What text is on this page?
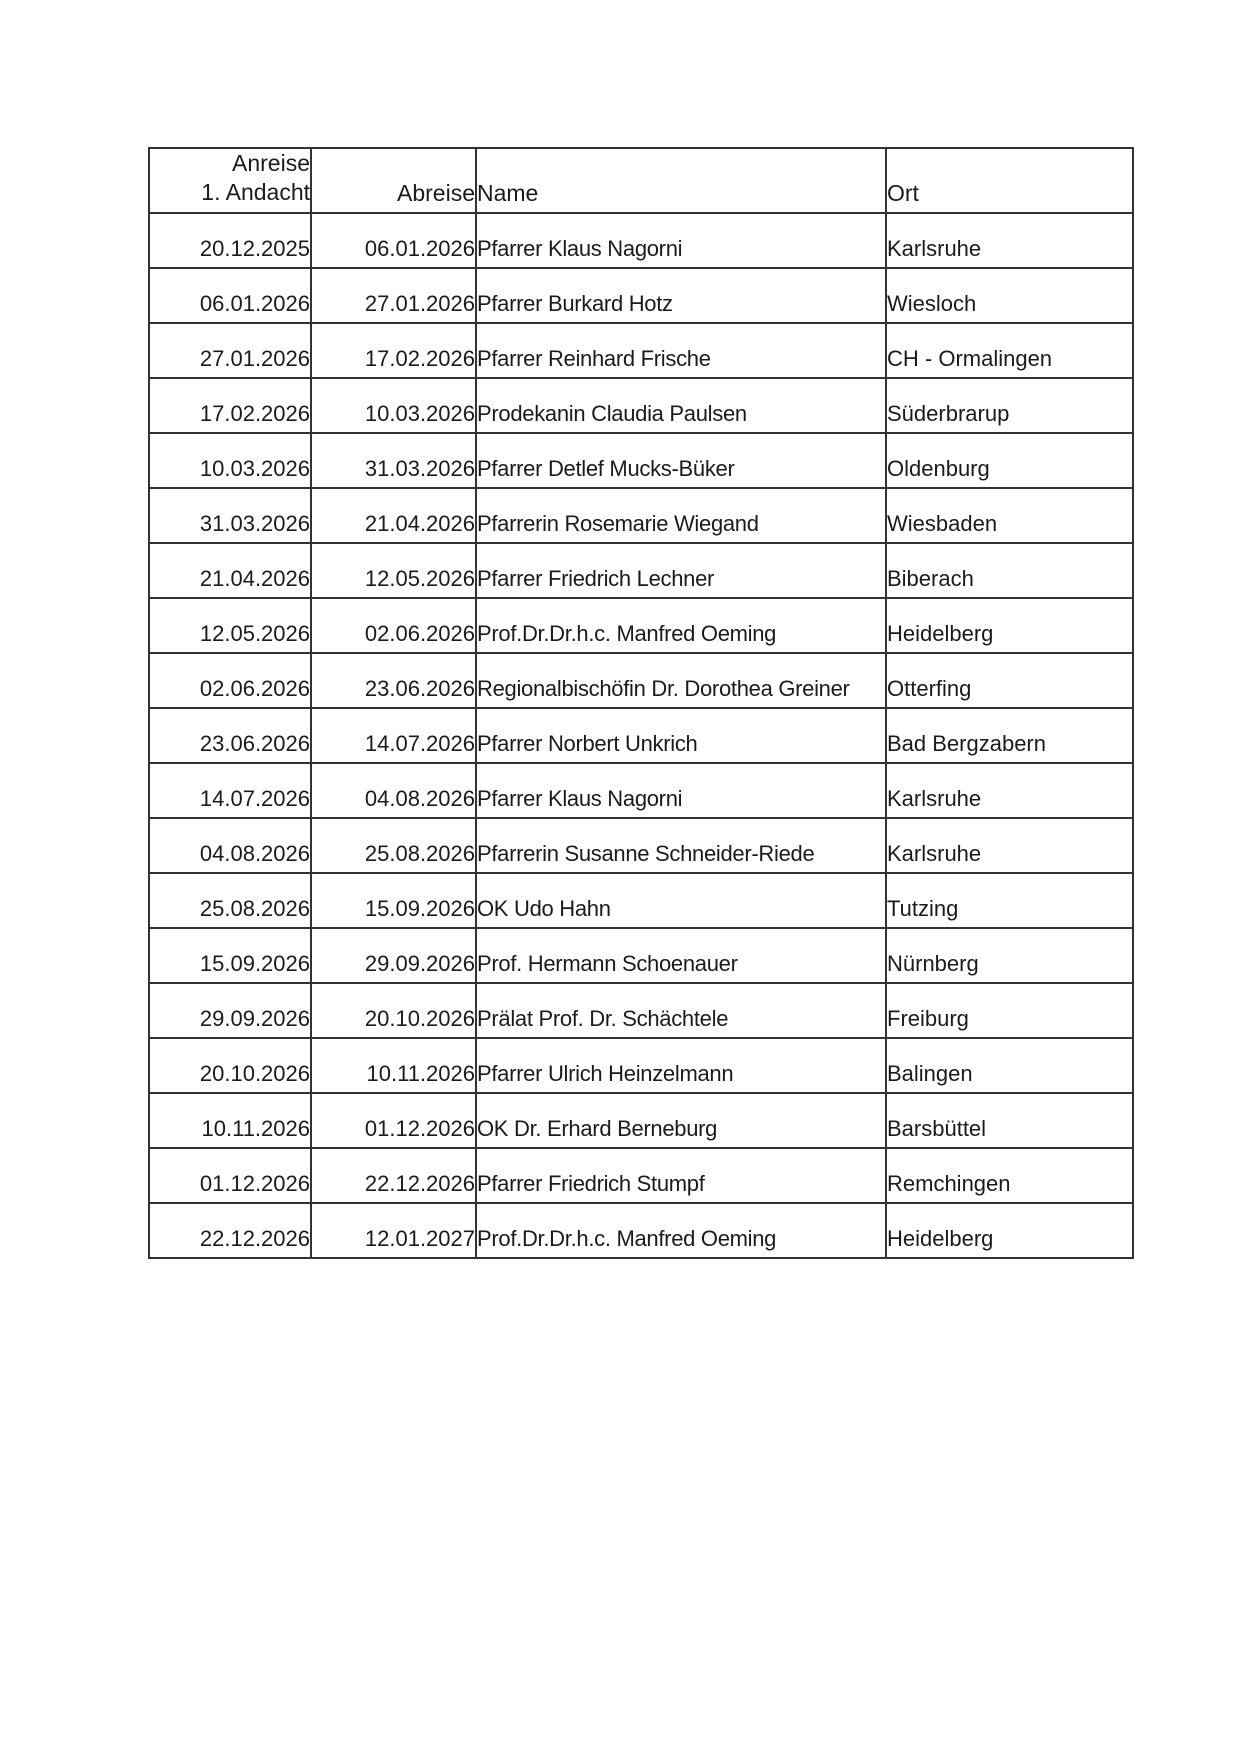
Anreise
1. Andacht	Abreise	Name	Ort
20.12.2025	06.01.2026	Pfarrer Klaus Nagorni	Karlsruhe
06.01.2026	27.01.2026	Pfarrer Burkard Hotz	Wiesloch
27.01.2026	17.02.2026	Pfarrer Reinhard Frische	CH - Ormalingen
17.02.2026	10.03.2026	Prodekanin Claudia Paulsen	Süderbrarup
10.03.2026	31.03.2026	Pfarrer Detlef Mucks-Büker	Oldenburg
31.03.2026	21.04.2026	Pfarrerin Rosemarie Wiegand	Wiesbaden
21.04.2026	12.05.2026	Pfarrer Friedrich Lechner	Biberach
12.05.2026	02.06.2026	Prof.Dr.Dr.h.c. Manfred Oeming	Heidelberg
02.06.2026	23.06.2026	Regionalbischöfin Dr. Dorothea Greiner	Otterfing
23.06.2026	14.07.2026	Pfarrer Norbert Unkrich	Bad Bergzabern
14.07.2026	04.08.2026	Pfarrer Klaus Nagorni	Karlsruhe
04.08.2026	25.08.2026	Pfarrerin Susanne Schneider-Riede	Karlsruhe
25.08.2026	15.09.2026	OK Udo Hahn	Tutzing
15.09.2026	29.09.2026	Prof. Hermann Schoenauer	Nürnberg
29.09.2026	20.10.2026	Prälat Prof. Dr. Schächtele	Freiburg
20.10.2026	10.11.2026	Pfarrer Ulrich Heinzelmann	Balingen
10.11.2026	01.12.2026	OK Dr. Erhard Berneburg	Barsbüttel
01.12.2026	22.12.2026	Pfarrer Friedrich Stumpf	Remchingen
22.12.2026	12.01.2027	Prof.Dr.Dr.h.c. Manfred Oeming	Heidelberg
